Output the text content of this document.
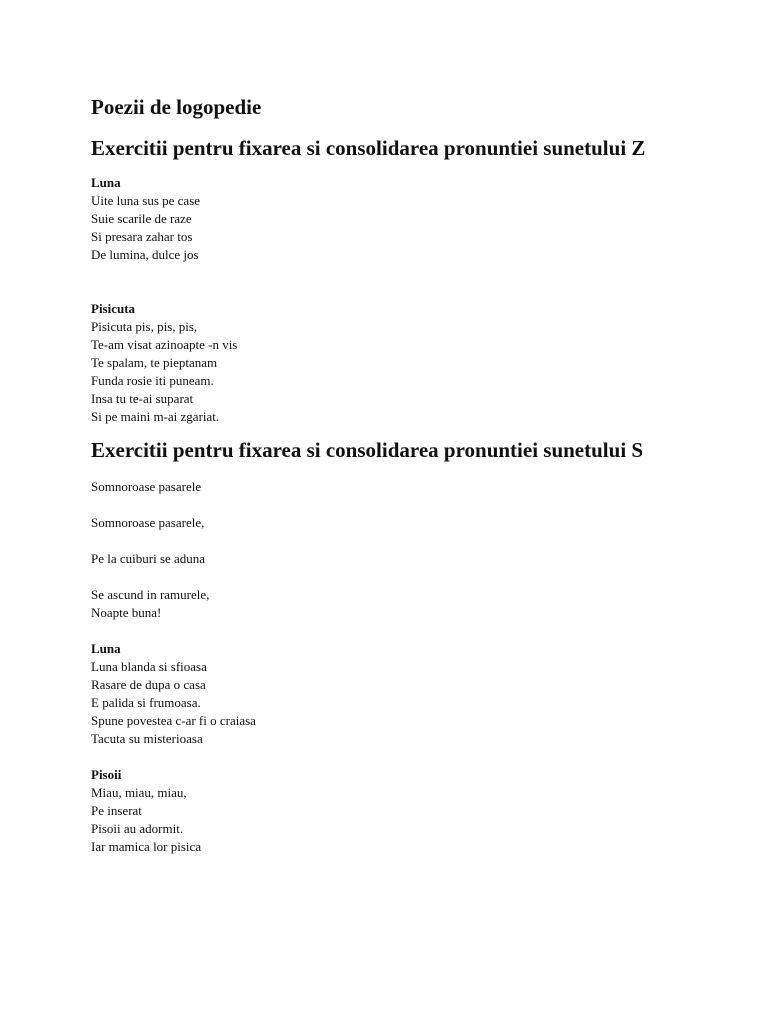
Poezii de logopedie
Exercitii pentru fixarea si consolidarea pronuntiei sunetului Z
Luna
Uite luna sus pe case
Suie scarile de raze
Si presara zahar tos
De lumina, dulce jos
Pisicuta
Pisicuta pis, pis, pis,
Te-am visat azinoapte -n vis
Te spalam, te pieptanam
Funda rosie iti puneam.
Insa tu te-ai suparat
Si pe maini m-ai zgariat.
Exercitii pentru fixarea si consolidarea pronuntiei sunetului S
Somnoroase pasarele
Somnoroase pasarele,
Pe la cuiburi se aduna
Se ascund in ramurele,
Noapte buna!
Luna
Luna blanda si sfioasa
Rasare de dupa o casa
E palida si frumoasa.
Spune povestea c-ar fi o craiasa
Tacuta su misterioasa
Pisoii
Miau, miau, miau,
Pe inserat
Pisoii au adormit.
Iar mamica lor pisica
